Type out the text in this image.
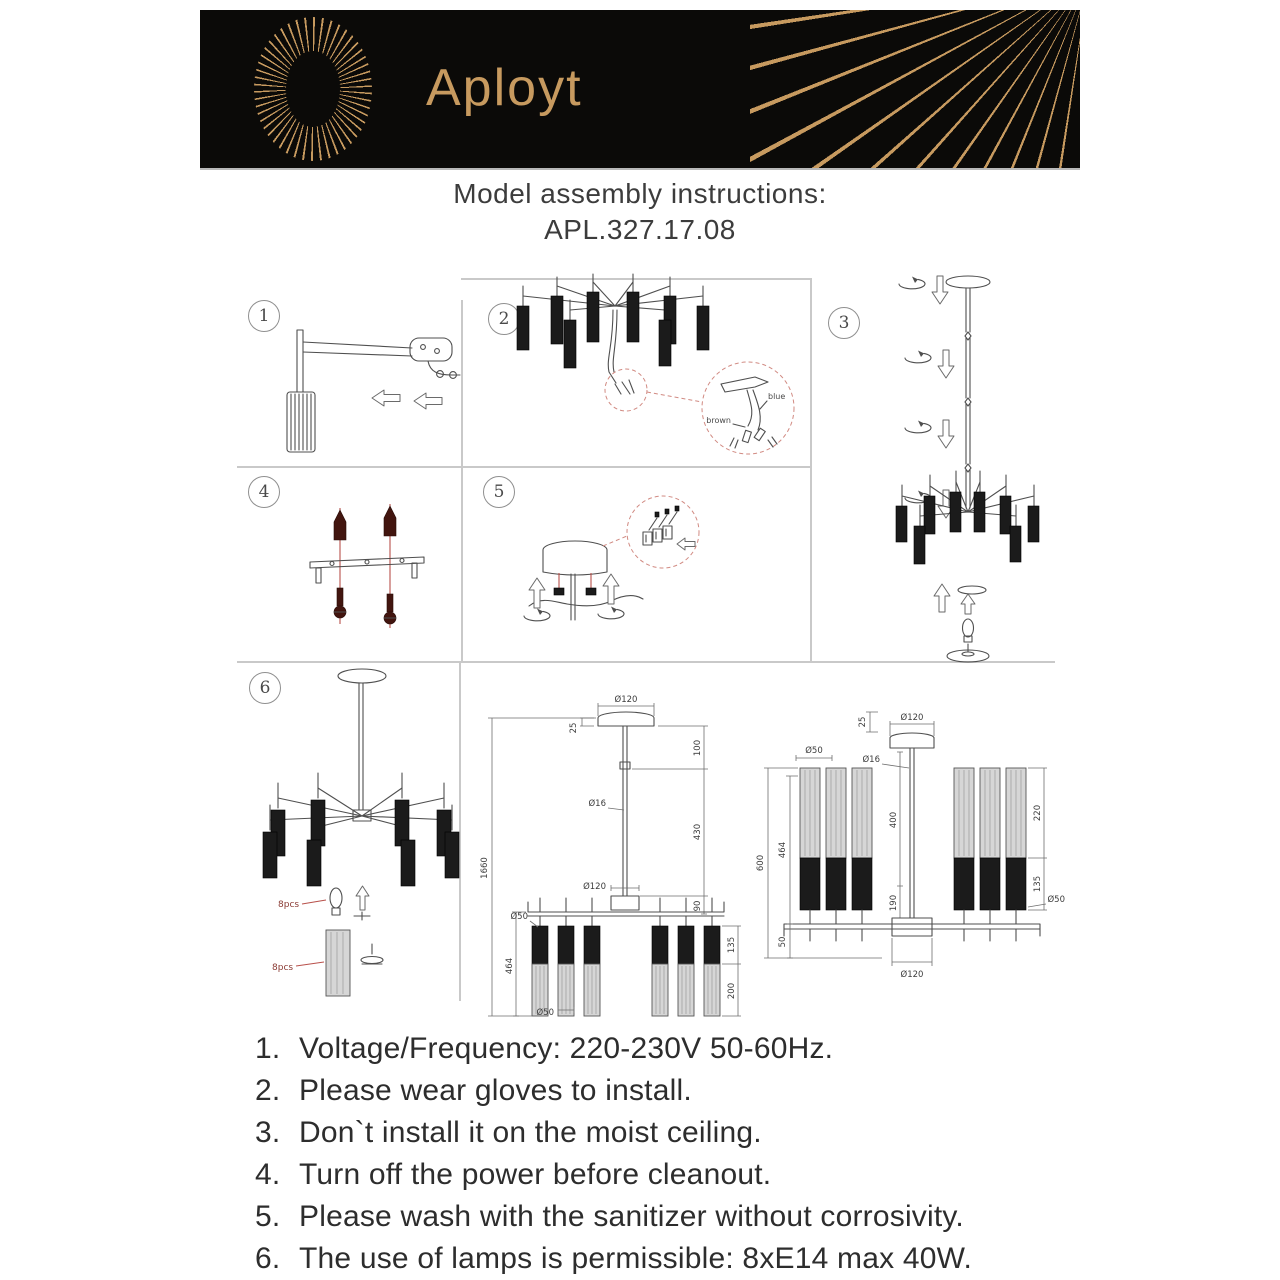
Aployt
Model assembly instructions:
APL.327.17.08
1	2	3
4	5
6
blue
brown
8pcs
8pcs
Ø120
25
100
430
90
Ø16
Ø120
1660
464
Ø50
135
200
Ø50
Ø120
25
Ø16
Ø50
400
190
220
135
Ø50
600
464
50
Ø120
1. Voltage/Frequency: 220-230V 50-60Hz.
2. Please wear gloves to install.
3. Don`t install it on the moist ceiling.
4. Turn off the power before cleanout.
5. Please wash with the sanitizer without corrosivity.
6. The use of lamps is permissible: 8xE14 max 40W.
